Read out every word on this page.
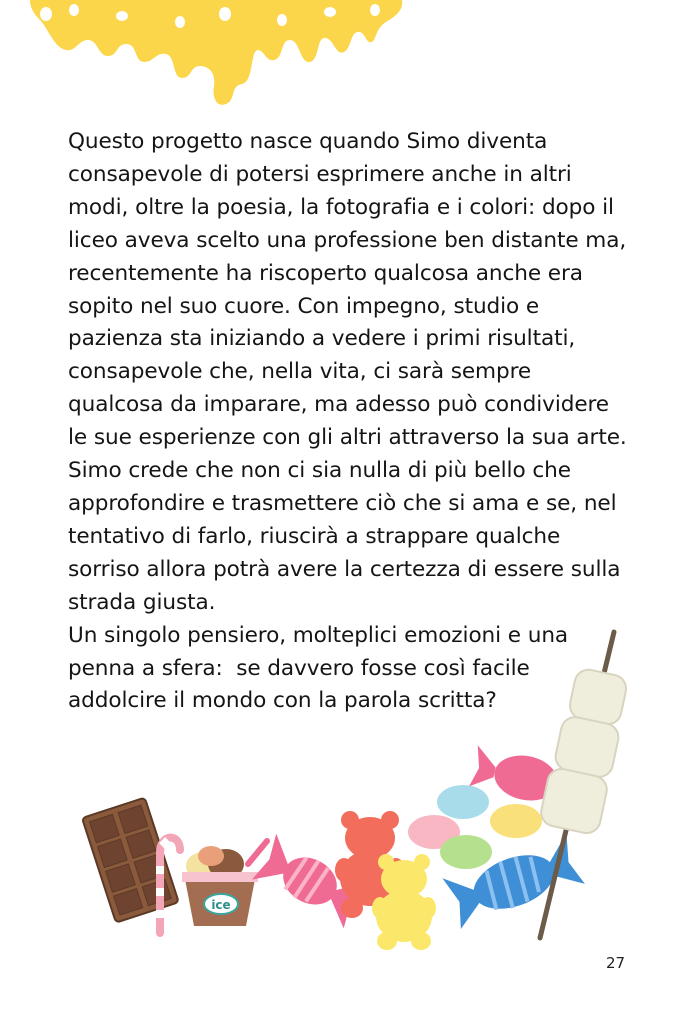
Questo progetto nasce quando Simo diventa consapevole di potersi esprimere anche in altri modi, oltre la poesia, la fotografia e i colori: dopo il liceo aveva scelto una professione ben distante ma, recentemente ha riscoperto qualcosa anche era sopito nel suo cuore. Con impegno, studio e pazienza sta iniziando a vedere i primi risultati, consapevole che, nella vita, ci sarà sempre qualcosa da imparare, ma adesso può condividere le sue esperienze con gli altri attraverso la sua arte.

Simo crede che non ci sia nulla di più bello che approfondire e trasmettere ciò che si ama e se, nel tentativo di farlo, riuscirà a strappare qualche sorriso allora potrà avere la certezza di essere sulla strada giusta.

Un singolo pensiero, molteplici emozioni e una penna a sfera:  se davvero fosse così facile addolcire il mondo con la parola scritta?

ice
27
